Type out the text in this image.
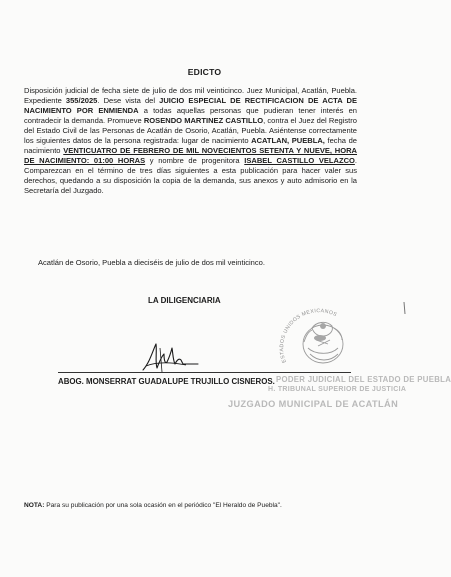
EDICTO
Disposición judicial de fecha siete de julio de dos mil veinticinco. Juez Municipal, Acatlán, Puebla. Expediente 355/2025. Dese vista del JUICIO ESPECIAL DE RECTIFICACION DE ACTA DE NACIMIENTO POR ENMIENDA a todas aquellas personas que pudieran tener interés en contradecir la demanda. Promueve ROSENDO MARTINEZ CASTILLO, contra el Juez del Registro del Estado Civil de las Personas de Acatlán de Osorio, Acatlán, Puebla. Asiéntense correctamente los siguientes datos de la persona registrada: lugar de nacimiento ACATLAN, PUEBLA, fecha de nacimiento VENTICUATRO DE FEBRERO DE MIL NOVECIENTOS SETENTA Y NUEVE, HORA DE NACIMIENTO: 01:00 HORAS y nombre de progenitora ISABEL CASTILLO VELAZCO. Comparezcan en el término de tres días siguientes a esta publicación para hacer valer sus derechos, quedando a su disposición la copia de la demanda, sus anexos y auto admisorio en la Secretaría del Juzgado.
Acatlán de Osorio, Puebla a dieciséis de julio de dos mil veinticinco.
LA DILIGENCIARIA
ESTADOS UNIDOS MEXICANOS
ABOG. MONSERRAT GUADALUPE TRUJILLO CISNEROS. PODER JUDICIAL DEL ESTADO DE PUEBLA
H. TRIBUNAL SUPERIOR DE JUSTICIA
JUZGADO MUNICIPAL DE ACATLÁN
NOTA: Para su publicación por una sola ocasión en el periódico "El Heraldo de Puebla".
